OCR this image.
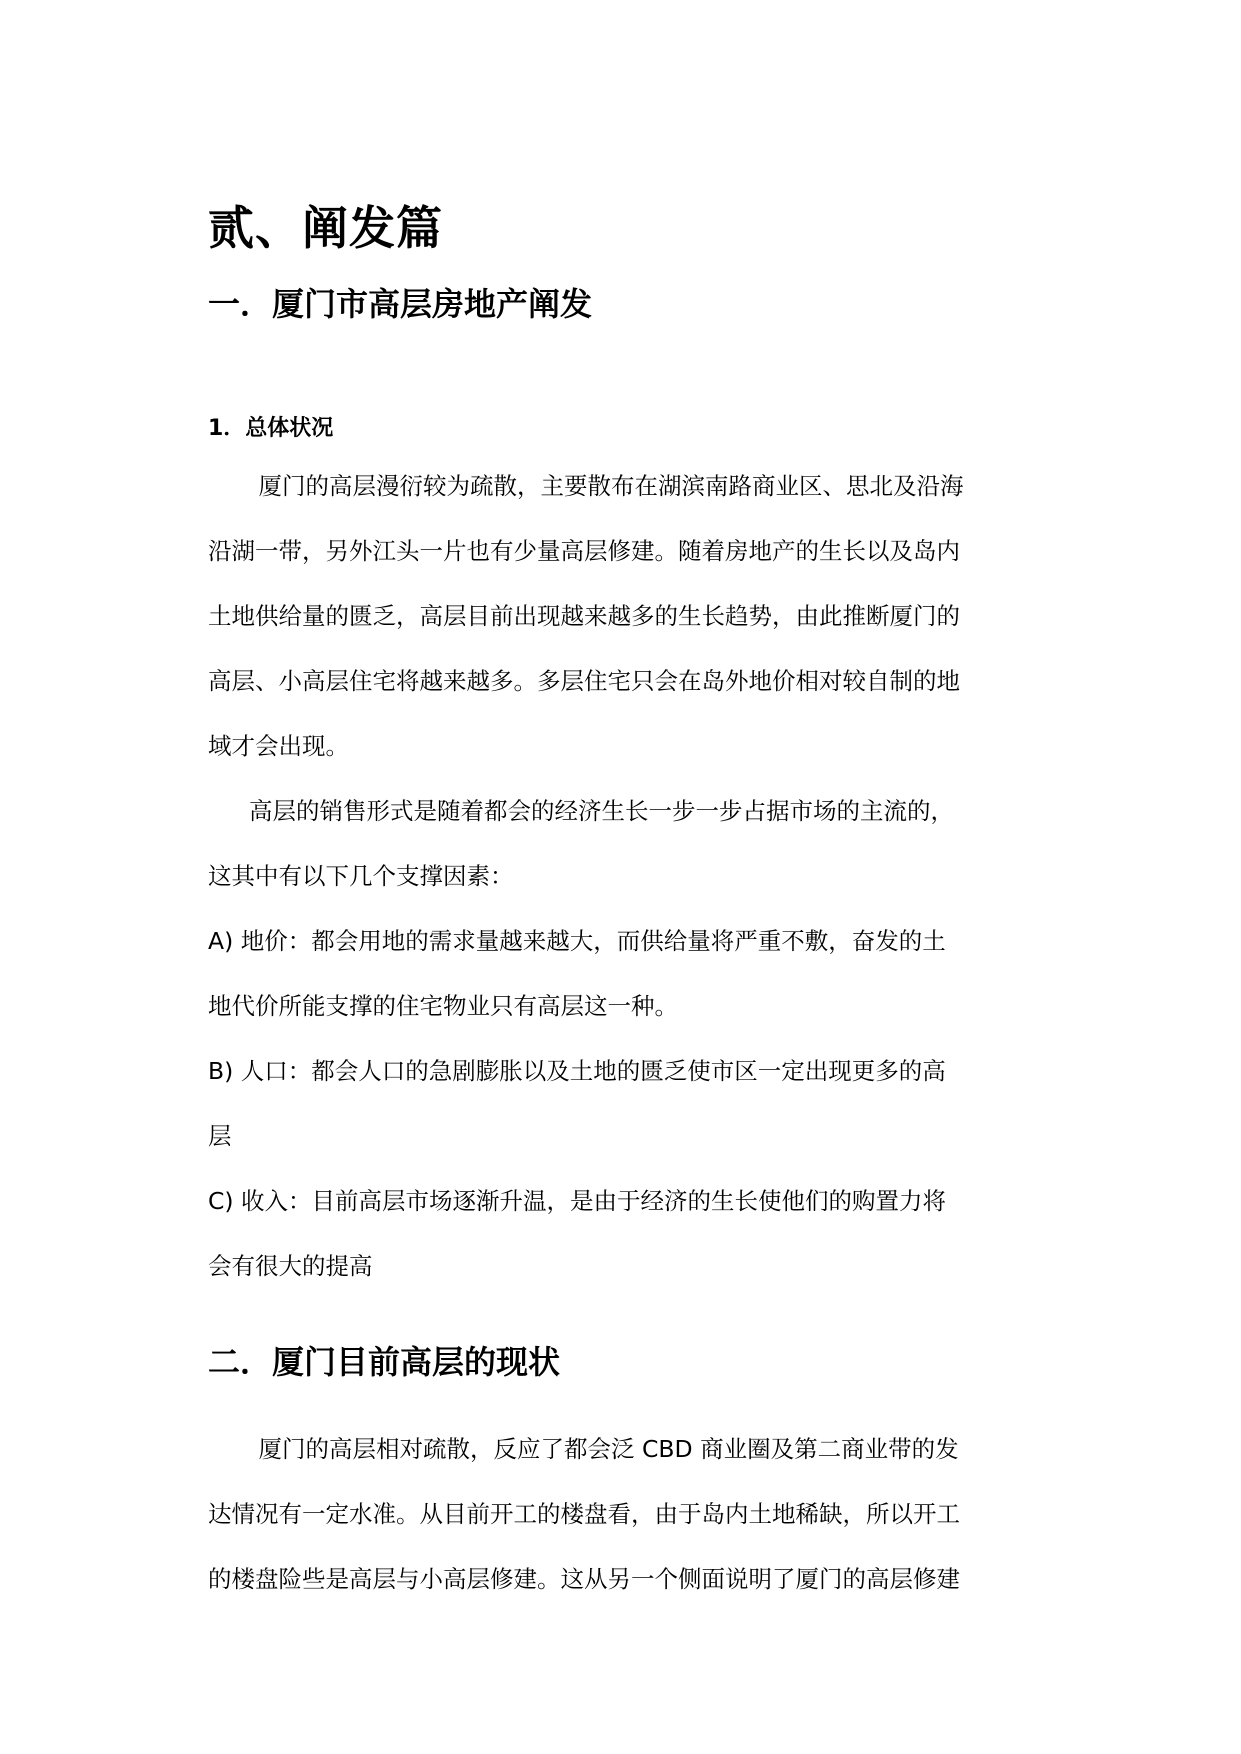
贰、阐发篇
一．厦门市高层房地产阐发
1．总体状况

　厦门的高层漫衍较为疏散，主要散布在湖滨南路商业区、思北及沿海

沿湖一带，另外江头一片也有少量高层修建。随着房地产的生长以及岛内

土地供给量的匮乏，高层目前出现越来越多的生长趋势，由此推断厦门的

高层、小高层住宅将越来越多。多层住宅只会在岛外地价相对较自制的地

域才会出现。

高层的销售形式是随着都会的经济生长一步一步占据市场的主流的，

这其中有以下几个支撑因素：

A) 地价：都会用地的需求量越来越大，而供给量将严重不敷，奋发的土

地代价所能支撑的住宅物业只有高层这一种。

B) 人口：都会人口的急剧膨胀以及土地的匮乏使市区一定出现更多的高

层

C) 收入：目前高层市场逐渐升温，是由于经济的生长使他们的购置力将

会有很大的提高

二．厦门目前高层的现状

　厦门的高层相对疏散，反应了都会泛 CBD 商业圈及第二商业带的发

达情况有一定水准。从目前开工的楼盘看，由于岛内土地稀缺，所以开工

的楼盘险些是高层与小高层修建。这从另一个侧面说明了厦门的高层修建
